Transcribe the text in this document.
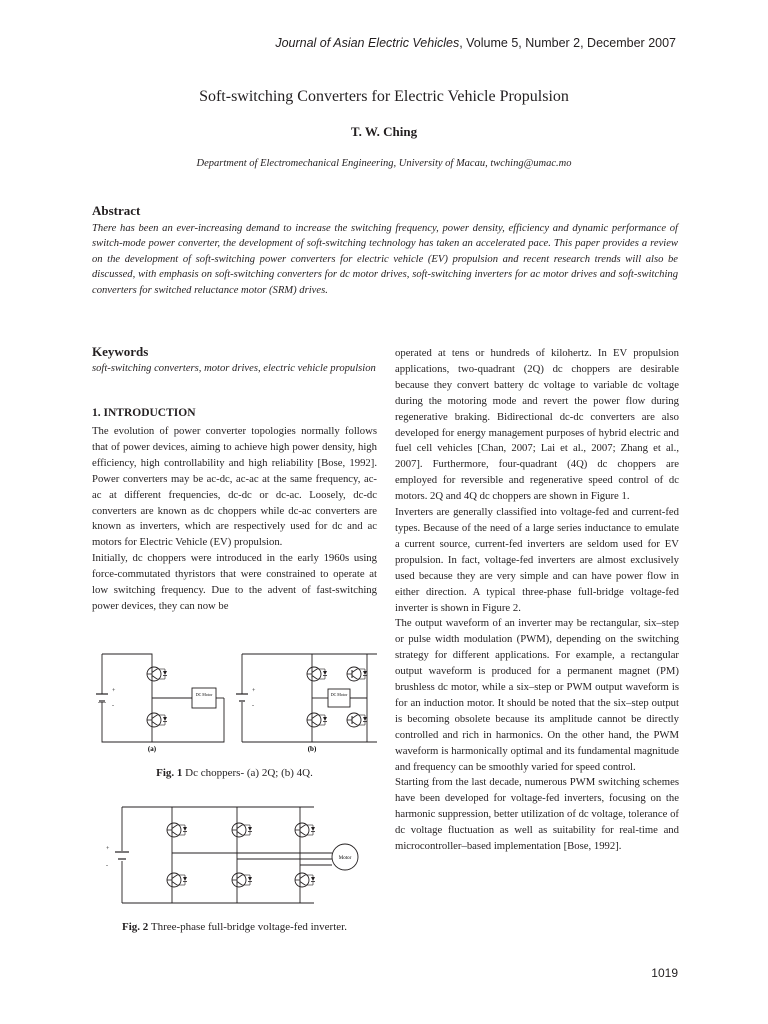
Journal of Asian Electric Vehicles, Volume 5, Number 2, December 2007
Soft-switching Converters for Electric Vehicle Propulsion
T. W. Ching
Department of Electromechanical Engineering, University of Macau, twching@umac.mo
Abstract
There has been an ever-increasing demand to increase the switching frequency, power density, efficiency and dynamic performance of switch-mode power converter, the development of soft-switching technology has taken an accelerated pace. This paper provides a review on the development of soft-switching power converters for electric vehicle (EV) propulsion and recent research trends will also be discussed, with emphasis on soft-switching converters for dc motor drives, soft-switching inverters for ac motor drives and soft-switching converters for switched reluctance motor (SRM) drives.
Keywords
soft-switching converters, motor drives, electric vehicle propulsion
1. INTRODUCTION

The evolution of power converter topologies normally follows that of power devices, aiming to achieve high power density, high efficiency, high controllability and high reliability [Bose, 1992]. Power converters may be ac-dc, ac-ac at the same frequency, ac-ac at different frequencies, dc-dc or dc-ac. Loosely, dc-dc converters are known as dc choppers while dc-ac converters are known as inverters, which are respectively used for dc and ac motors for Electric Vehicle (EV) propulsion.

Initially, dc choppers were introduced in the early 1960s using force-commutated thyristors that were constrained to operate at low switching frequency. Due to the advent of fast-switching power devices, they can now be

operated at tens or hundreds of kilohertz. In EV propulsion applications, two-quadrant (2Q) dc choppers are desirable because they convert battery dc voltage to variable dc voltage during the motoring mode and revert the power flow during regenerative braking. Bidirectional dc-dc converters are also developed for energy management purposes of hybrid electric and fuel cell vehicles [Chan, 2007; Lai et al., 2007; Zhang et al., 2007]. Furthermore, four-quadrant (4Q) dc choppers are employed for reversible and regenerative speed control of dc motors. 2Q and 4Q dc choppers are shown in Figure 1.

Inverters are generally classified into voltage-fed and current-fed types. Because of the need of a large series inductance to emulate a current source, current-fed inverters are seldom used for EV propulsion. In fact, voltage-fed inverters are almost exclusively used because they are very simple and can have power flow in either direction. A typical three-phase full-bridge voltage-fed inverter is shown in Figure 2.

The output waveform of an inverter may be rectangular, six–step or pulse width modulation (PWM), depending on the switching strategy for different applications. For example, a rectangular output waveform is produced for a permanent magnet (PM) brushless dc motor, while a six–step or PWM output waveform is for an induction motor. It should be noted that the six–step output is becoming obsolete because its amplitude cannot be directly controlled and rich in harmonics. On the other hand, the PWM waveform is harmonically optimal and its fundamental magnitude and frequency can be smoothly varied for speed control.

Starting from the last decade, numerous PWM switching schemes have been developed for voltage-fed inverters, focusing on the harmonic suppression, better utilization of dc voltage, tolerance of dc voltage fluctuation as well as suitability for real-time and microcontroller–based implementation [Bose, 1992].

+
-
DC Motor
(a)
+
-
DC Motor
(b)
Fig. 1 Dc choppers- (a) 2Q; (b) 4Q.
+
-
Motor
Fig. 2 Three-phase full-bridge voltage-fed inverter.
1019
